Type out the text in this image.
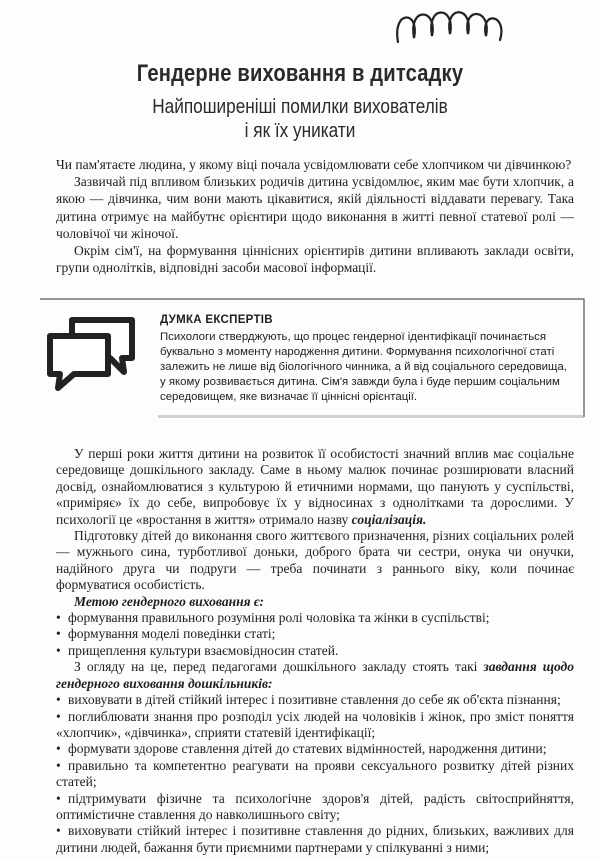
Гендерне виховання в дитсадку
Найпоширеніші помилки вихователів
і як їх уникати

Чи пам'ятаєте людина, у якому віці почала усвідомлювати себе хлопчиком чи дівчинкою?

Зазвичай під впливом близьких родичів дитина усвідомлює, яким має бути хлопчик, а якою — дівчинка, чим вони мають цікавитися, якій діяльності віддавати перевагу. Така дитина отримує на майбутнє орієнтири щодо виконання в житті певної статевої ролі — чоловічої чи жіночої.

Окрім сім'ї, на формування ціннісних орієнтирів дитини впливають заклади освіти, групи однолітків, відповідні засоби масової інформації.

ДУМКА ЕКСПЕРТІВ
Психологи стверджують, що процес гендерної ідентифікації починається буквально з моменту народження дитини. Формування психологічної статі залежить не лише від біологічного чинника, а й від соціального середовища, у якому розвивається дитина. Сім'я завжди була і буде першим соціальним середовищем, яке визначає її ціннісні орієнтації.

У перші роки життя дитини на розвиток її особистості значний вплив має соціальне середовище дошкільного закладу. Саме в ньому малюк починає розширювати власний досвід, ознайомлюватися з культурою й етичними нормами, що панують у суспільстві, «приміряє» їх до себе, випробовує їх у відносинах з однолітками та дорослими. У психології це «вростання в життя» отримало назву соціалізація.

Підготовку дітей до виконання свого життєвого призначення, різних соціальних ролей — мужнього сина, турботливої доньки, доброго брата чи сестри, онука чи онучки, надійного друга чи подруги — треба починати з раннього віку, коли починає формуватися особистість.

Метою гендерного виховання є:

• формування правильного розуміння ролі чоловіка та жінки в суспільстві;
• формування моделі поведінки статі;
• прищеплення культури взаємовідносин статей.

З огляду на це, перед педагогами дошкільного закладу стоять такі завдання щодо гендерного виховання дошкільників:

• виховувати в дітей стійкий інтерес і позитивне ставлення до себе як об'єкта пізнання;
• поглиблювати знання про розподіл усіх людей на чоловіків і жінок, про зміст поняття «хлопчик», «дівчинка», сприяти статевій ідентифікації;
• формувати здорове ставлення дітей до статевих відмінностей, народження дитини;
• правильно та компетентно реагувати на прояви сексуального розвитку дітей різних статей;
• підтримувати фізичне та психологічне здоров'я дітей, радість світосприйняття, оптимістичне ставлення до навколишнього світу;
• виховувати стійкий інтерес і позитивне ставлення до рідних, близьких, важливих для дитини людей, бажання бути приємними партнерами у спілкуванні з ними;
